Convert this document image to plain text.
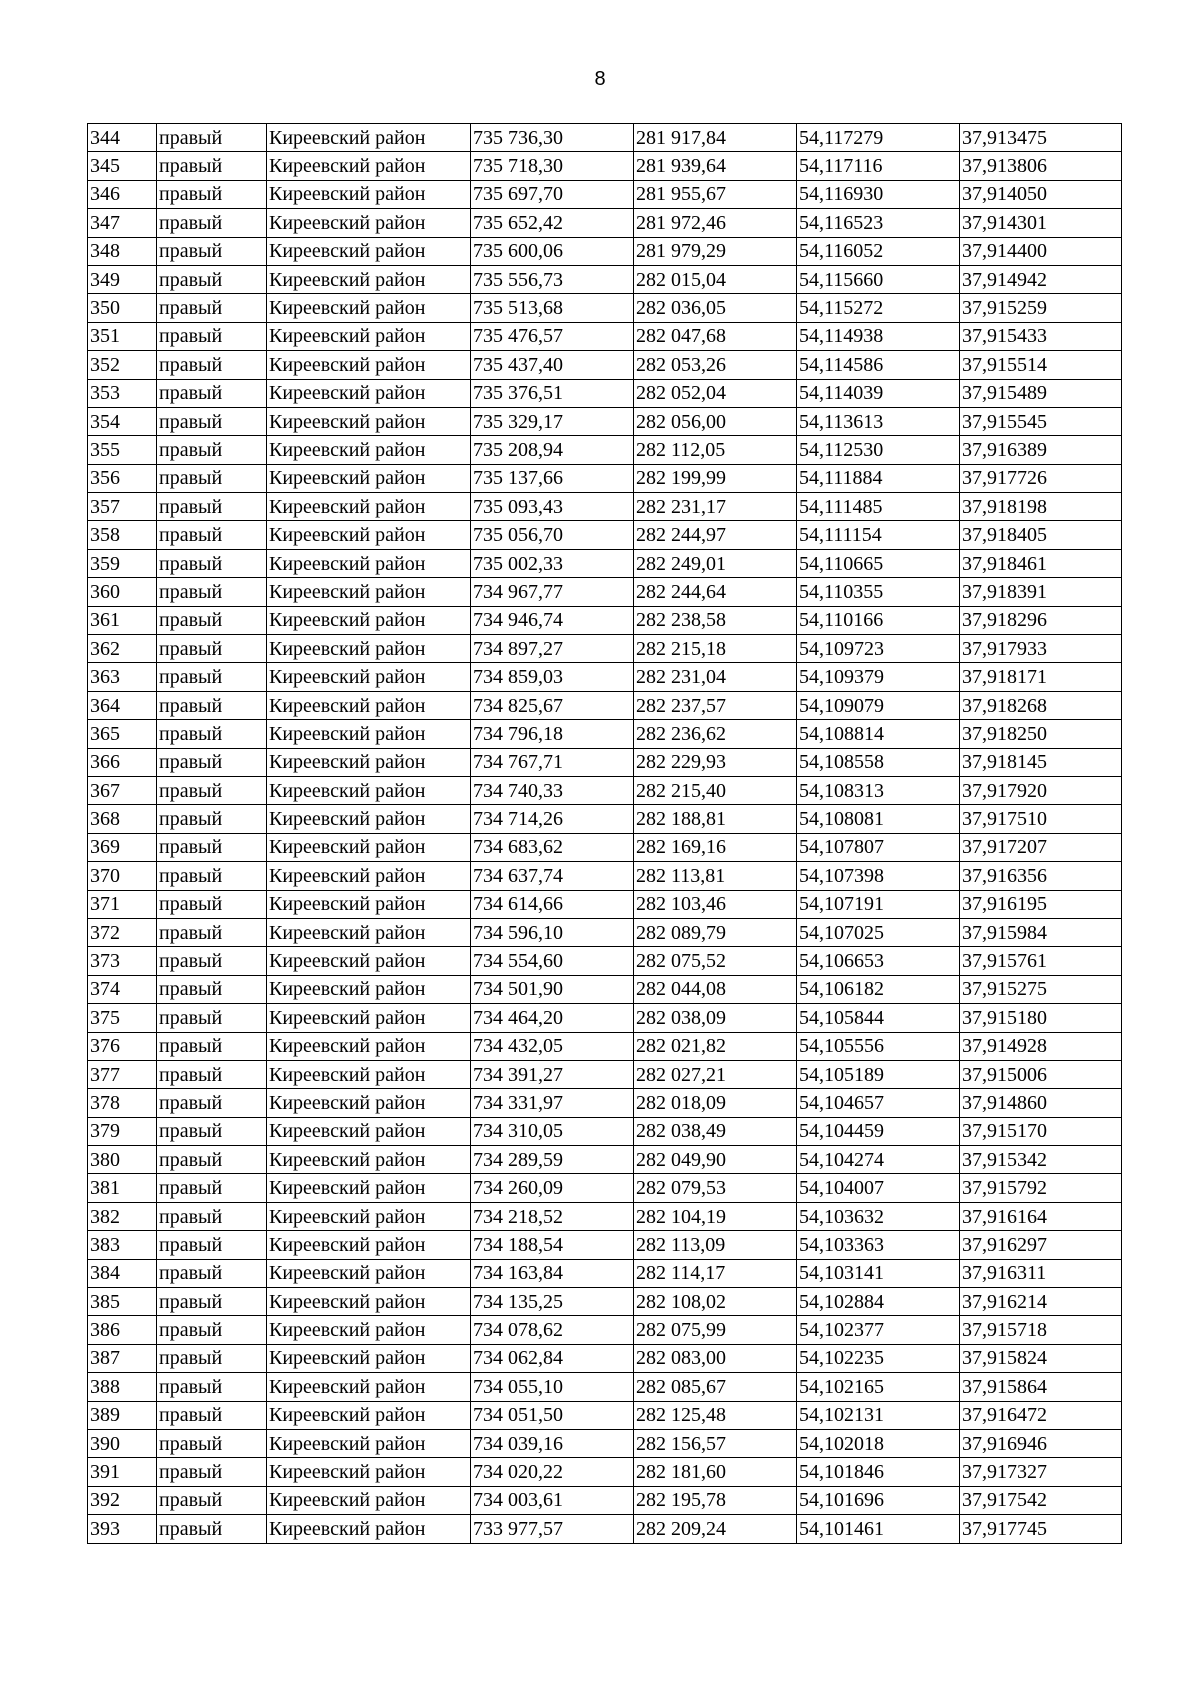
8
344	правый	Киреевский район	735 736,30	281 917,84	54,117279	37,913475
345	правый	Киреевский район	735 718,30	281 939,64	54,117116	37,913806
346	правый	Киреевский район	735 697,70	281 955,67	54,116930	37,914050
347	правый	Киреевский район	735 652,42	281 972,46	54,116523	37,914301
348	правый	Киреевский район	735 600,06	281 979,29	54,116052	37,914400
349	правый	Киреевский район	735 556,73	282 015,04	54,115660	37,914942
350	правый	Киреевский район	735 513,68	282 036,05	54,115272	37,915259
351	правый	Киреевский район	735 476,57	282 047,68	54,114938	37,915433
352	правый	Киреевский район	735 437,40	282 053,26	54,114586	37,915514
353	правый	Киреевский район	735 376,51	282 052,04	54,114039	37,915489
354	правый	Киреевский район	735 329,17	282 056,00	54,113613	37,915545
355	правый	Киреевский район	735 208,94	282 112,05	54,112530	37,916389
356	правый	Киреевский район	735 137,66	282 199,99	54,111884	37,917726
357	правый	Киреевский район	735 093,43	282 231,17	54,111485	37,918198
358	правый	Киреевский район	735 056,70	282 244,97	54,111154	37,918405
359	правый	Киреевский район	735 002,33	282 249,01	54,110665	37,918461
360	правый	Киреевский район	734 967,77	282 244,64	54,110355	37,918391
361	правый	Киреевский район	734 946,74	282 238,58	54,110166	37,918296
362	правый	Киреевский район	734 897,27	282 215,18	54,109723	37,917933
363	правый	Киреевский район	734 859,03	282 231,04	54,109379	37,918171
364	правый	Киреевский район	734 825,67	282 237,57	54,109079	37,918268
365	правый	Киреевский район	734 796,18	282 236,62	54,108814	37,918250
366	правый	Киреевский район	734 767,71	282 229,93	54,108558	37,918145
367	правый	Киреевский район	734 740,33	282 215,40	54,108313	37,917920
368	правый	Киреевский район	734 714,26	282 188,81	54,108081	37,917510
369	правый	Киреевский район	734 683,62	282 169,16	54,107807	37,917207
370	правый	Киреевский район	734 637,74	282 113,81	54,107398	37,916356
371	правый	Киреевский район	734 614,66	282 103,46	54,107191	37,916195
372	правый	Киреевский район	734 596,10	282 089,79	54,107025	37,915984
373	правый	Киреевский район	734 554,60	282 075,52	54,106653	37,915761
374	правый	Киреевский район	734 501,90	282 044,08	54,106182	37,915275
375	правый	Киреевский район	734 464,20	282 038,09	54,105844	37,915180
376	правый	Киреевский район	734 432,05	282 021,82	54,105556	37,914928
377	правый	Киреевский район	734 391,27	282 027,21	54,105189	37,915006
378	правый	Киреевский район	734 331,97	282 018,09	54,104657	37,914860
379	правый	Киреевский район	734 310,05	282 038,49	54,104459	37,915170
380	правый	Киреевский район	734 289,59	282 049,90	54,104274	37,915342
381	правый	Киреевский район	734 260,09	282 079,53	54,104007	37,915792
382	правый	Киреевский район	734 218,52	282 104,19	54,103632	37,916164
383	правый	Киреевский район	734 188,54	282 113,09	54,103363	37,916297
384	правый	Киреевский район	734 163,84	282 114,17	54,103141	37,916311
385	правый	Киреевский район	734 135,25	282 108,02	54,102884	37,916214
386	правый	Киреевский район	734 078,62	282 075,99	54,102377	37,915718
387	правый	Киреевский район	734 062,84	282 083,00	54,102235	37,915824
388	правый	Киреевский район	734 055,10	282 085,67	54,102165	37,915864
389	правый	Киреевский район	734 051,50	282 125,48	54,102131	37,916472
390	правый	Киреевский район	734 039,16	282 156,57	54,102018	37,916946
391	правый	Киреевский район	734 020,22	282 181,60	54,101846	37,917327
392	правый	Киреевский район	734 003,61	282 195,78	54,101696	37,917542
393	правый	Киреевский район	733 977,57	282 209,24	54,101461	37,917745
